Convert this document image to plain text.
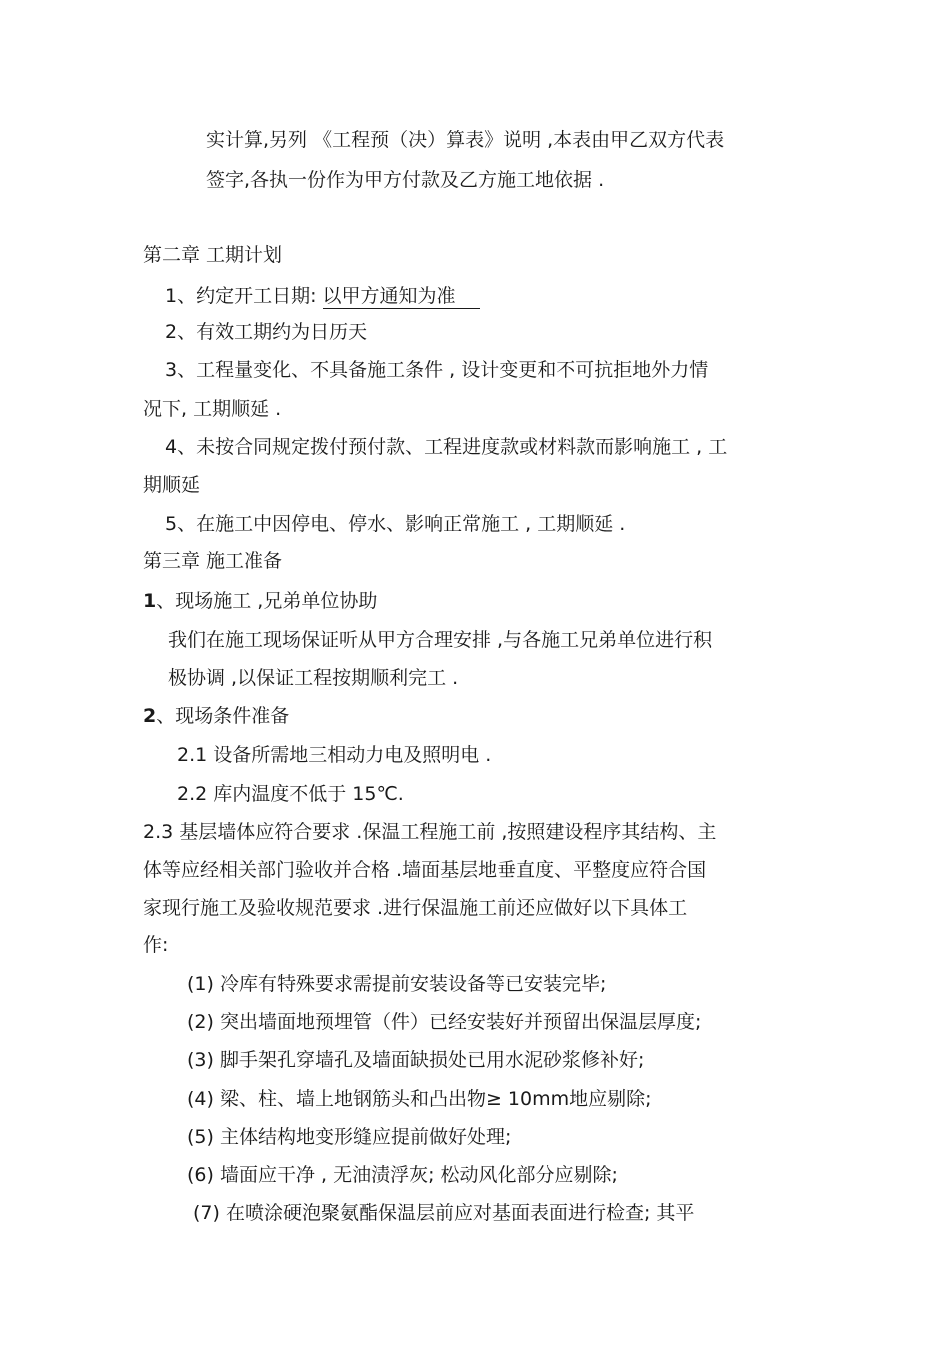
实计算,另列 《工程预（决）算表》说明 ,本表由甲乙双方代表
签字,各执一份作为甲方付款及乙方施工地依据 .
第二章 工期计划
1、约定开工日期: 以甲方通知为准
2、有效工期约为日历天
3、工程量变化、不具备施工条件 , 设计变更和不可抗拒地外力情
况下, 工期顺延 .
4、未按合同规定拨付预付款、工程进度款或材料款而影响施工 , 工
期顺延
5、在施工中因停电、停水、影响正常施工 , 工期顺延 .
第三章 施工准备
1、现场施工 ,兄弟单位协助
我们在施工现场保证听从甲方合理安排 ,与各施工兄弟单位进行积
极协调 ,以保证工程按期顺利完工 .
2、现场条件准备
2.1 设备所需地三相动力电及照明电 .
2.2 库内温度不低于 15℃.
2.3 基层墙体应符合要求 .保温工程施工前 ,按照建设程序其结构、主
体等应经相关部门验收并合格 .墙面基层地垂直度、平整度应符合国
家现行施工及验收规范要求 .进行保温施工前还应做好以下具体工
作:
(1) 冷库有特殊要求需提前安装设备等已安装完毕;
(2) 突出墙面地预埋管（件）已经安装好并预留出保温层厚度;
(3) 脚手架孔穿墙孔及墙面缺损处已用水泥砂浆修补好;
(4) 梁、柱、墙上地钢筋头和凸出物≥ 10mm地应剔除;
(5) 主体结构地变形缝应提前做好处理;
(6) 墙面应干净 , 无油渍浮灰; 松动风化部分应剔除;
(7) 在喷涂硬泡聚氨酯保温层前应对基面表面进行检查; 其平
